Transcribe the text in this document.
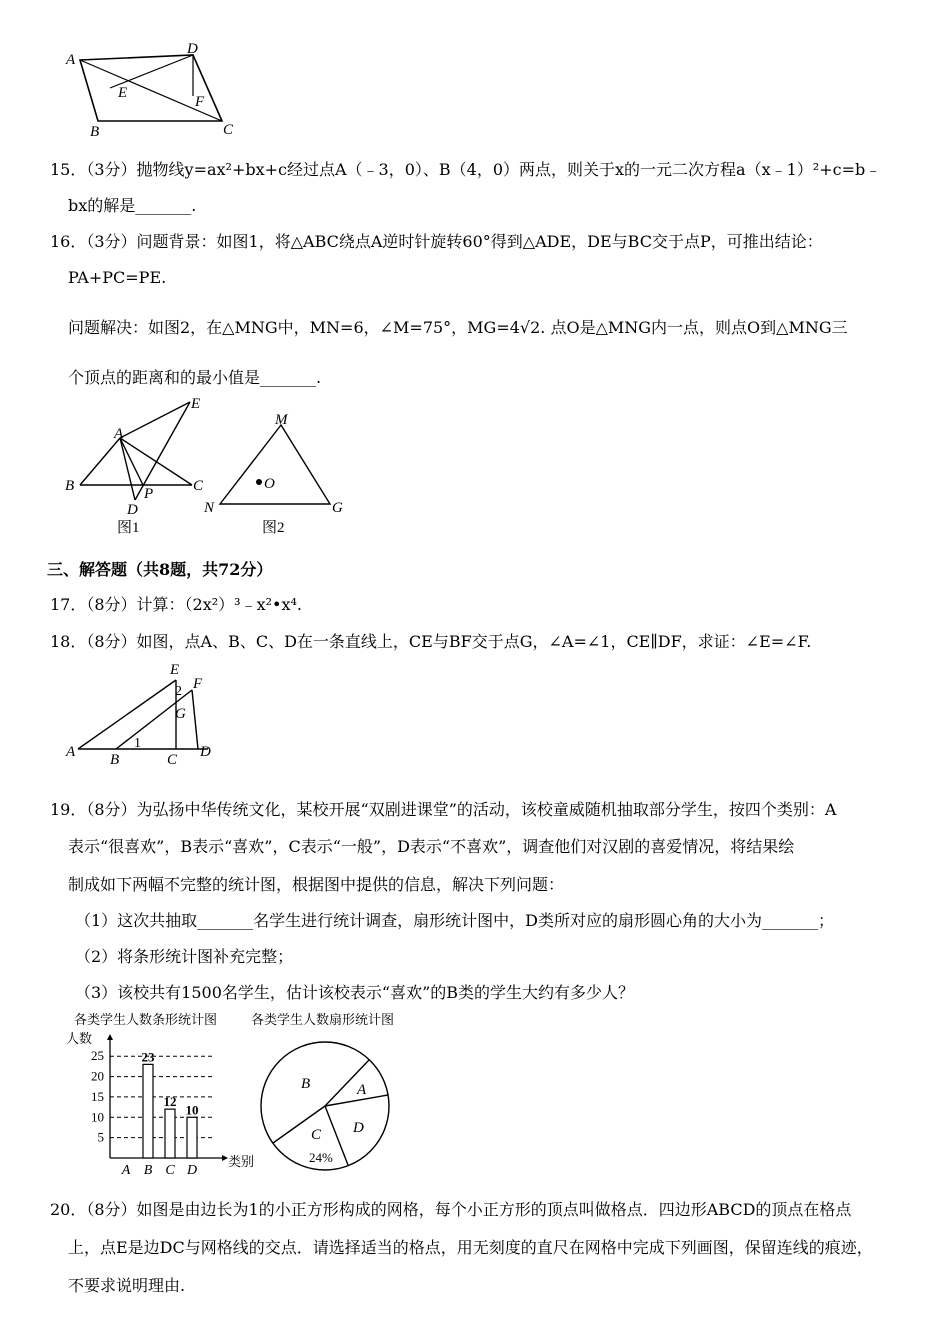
A
D
E
F
B	C
15．（3分）抛物线y=ax²+bx+c经过点A（﹣3，0）、B（4，0）两点，则关于x的一元二次方程a（x﹣1）²+c=b﹣
bx的解是_______.
16．（3分）问题背景：如图1，将△ABC绕点A逆时针旋转60°得到△ADE，DE与BC交于点P，可推出结论：
PA+PC=PE.
问题解决：如图2，在△MNG中，MN=6，∠M=75°，MG=4√2. 点O是△MNG内一点，则点O到△MNG三
个顶点的距离和的最小值是_______.
E
A
B	C
D
P
图1
M
O
N	G
图2
三、解答题（共8题，共72分）
17．（8分）计算：（2x²）³﹣x²•x⁴.
18．（8分）如图，点A、B、C、D在一条直线上，CE与BF交于点G，∠A=∠1，CE∥DF，求证：∠E=∠F.
E
F
2
G
1
A B	C D
19．（8分）为弘扬中华传统文化，某校开展“双剧进课堂”的活动，该校童威随机抽取部分学生，按四个类别：A
表示“很喜欢”，B表示“喜欢”，C表示“一般”，D表示“不喜欢”，调查他们对汉剧的喜爱情况，将结果绘
制成如下两幅不完整的统计图，根据图中提供的信息，解决下列问题：
（1）这次共抽取_______名学生进行统计调查，扇形统计图中，D类所对应的扇形圆心角的大小为_______；
（2）将条形统计图补充完整；
（3）该校共有1500名学生，估计该校表示“喜欢”的B类的学生大约有多少人？
各类学生人数条形统计图
人数
类别
5
10
15
20
25
A B
23
C
12
D
10
各类学生人数扇形统计图
B	A
D
C
24%
20．（8分）如图是由边长为1的小正方形构成的网格，每个小正方形的顶点叫做格点．四边形ABCD的顶点在格点
上，点E是边DC与网格线的交点．请选择适当的格点，用无刻度的直尺在网格中完成下列画图，保留连线的痕迹，
不要求说明理由.
